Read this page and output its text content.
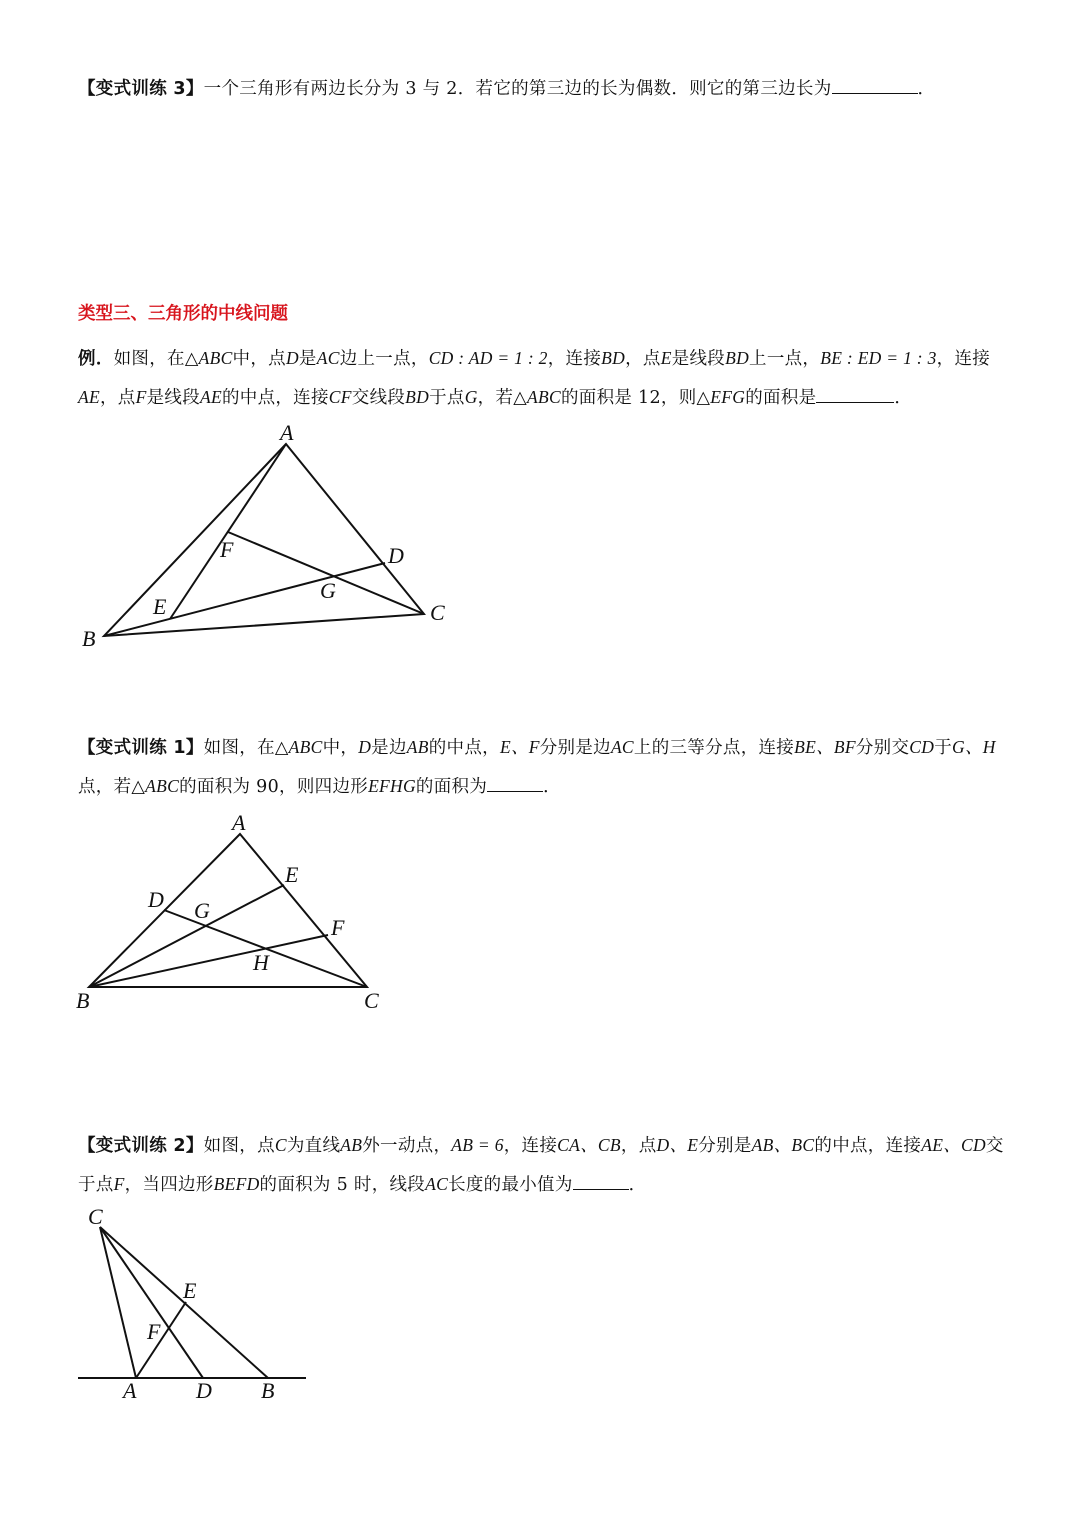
【变式训练 3】一个三角形有两边长分为 3 与 2．若它的第三边的长为偶数．则它的第三边长为	．
类型三、三角形的中线问题
例．如图，在△ABC中，点D是AC边上一点，CD : AD = 1 : 2，连接BD，点E是线段BD上一点，BE : ED = 1 : 3，连接AE，点F是线段AE的中点，连接CF交线段BD于点G，若△ABC的面积是 12，则△EFG的面积是	．
A
B
C
D
E
F
G
【变式训练 1】如图，在△ABC中，D是边AB的中点，E、F分别是边AC上的三等分点，连接BE、BF分别交CD于G、H点，若△ABC的面积为 90，则四边形EFHG的面积为	．
A
B	C
D
E
F
G
H
【变式训练 2】如图，点C为直线AB外一动点，AB = 6，连接CA、CB，点D、E分别是AB、BC的中点，连接AE、CD交于点F，当四边形BEFD的面积为 5 时，线段AC长度的最小值为	．
C
A	D B
E
F
